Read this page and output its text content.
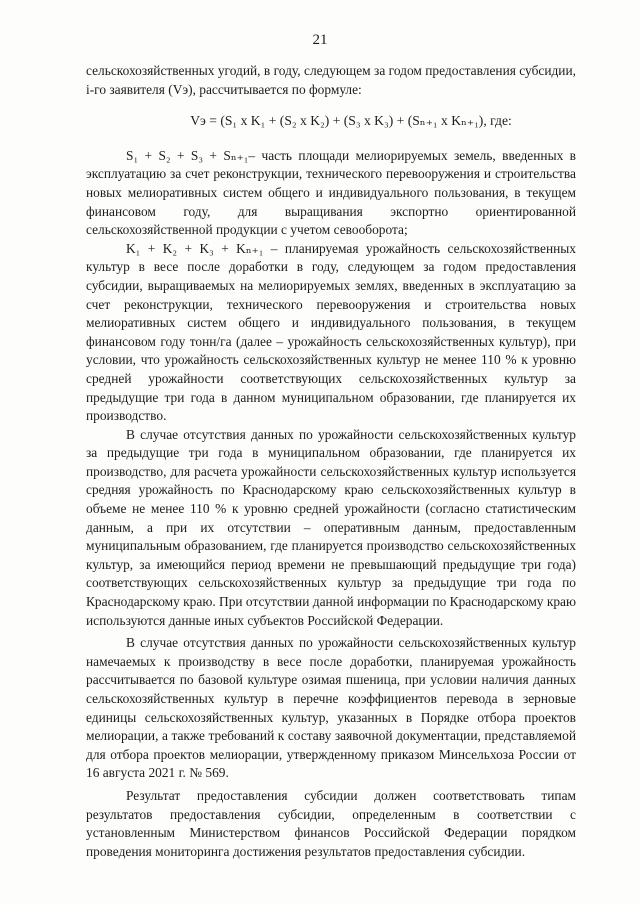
21

сельскохозяйственных угодий, в году, следующем за годом предоставления субсидии, i-го заявителя (Vэ), рассчитывается по формуле:

Vэ = (S₁ х K₁ + (S₂ х K₂) + (S₃ х K₃) + (Sₙ₊₁ х Kₙ₊₁), где:

S₁ + S₂ + S₃ + Sₙ₊₁– часть площади мелиорируемых земель, введенных в эксплуатацию за счет реконструкции, технического перевооружения и строительства новых мелиоративных систем общего и индивидуального пользования, в текущем финансовом году, для выращивания экспортно ориентированной сельскохозяйственной продукции с учетом севооборота;

K₁ + K₂ + K₃ + Kₙ₊₁ – планируемая урожайность сельскохозяйственных культур в весе после доработки в году, следующем за годом предоставления субсидии, выращиваемых на мелиорируемых землях, введенных в эксплуатацию за счет реконструкции, технического перевооружения и строительства новых мелиоративных систем общего и индивидуального пользования, в текущем финансовом году тонн/га (далее – урожайность сельскохозяйственных культур), при условии, что урожайность сельскохозяйственных культур не менее 110 % к уровню средней урожайности соответствующих сельскохозяйственных культур за предыдущие три года в данном муниципальном образовании, где планируется их производство.

В случае отсутствия данных по урожайности сельскохозяйственных культур за предыдущие три года в муниципальном образовании, где планируется их производство, для расчета урожайности сельскохозяйственных культур используется средняя урожайность по Краснодарскому краю сельскохозяйственных культур в объеме не менее 110 % к уровню средней урожайности (согласно статистическим данным, а при их отсутствии – оперативным данным, предоставленным муниципальным образованием, где планируется производство сельскохозяйственных культур, за имеющийся период времени не превышающий предыдущие три года) соответствующих сельскохозяйственных культур за предыдущие три года по Краснодарскому краю. При отсутствии данной информации по Краснодарскому краю используются данные иных субъектов Российской Федерации.

В случае отсутствия данных по урожайности сельскохозяйственных культур намечаемых к производству в весе после доработки, планируемая урожайность рассчитывается по базовой культуре озимая пшеница, при условии наличия данных сельскохозяйственных культур в перечне коэффициентов перевода в зерновые единицы сельскохозяйственных культур, указанных в Порядке отбора проектов мелиорации, а также требований к составу заявочной документации, представляемой для отбора проектов мелиорации, утвержденному приказом Минсельхоза России от 16 августа 2021 г. № 569.

Результат предоставления субсидии должен соответствовать типам результатов предоставления субсидии, определенным в соответствии с установленным Министерством финансов Российской Федерации порядком проведения мониторинга достижения результатов предоставления субсидии.
